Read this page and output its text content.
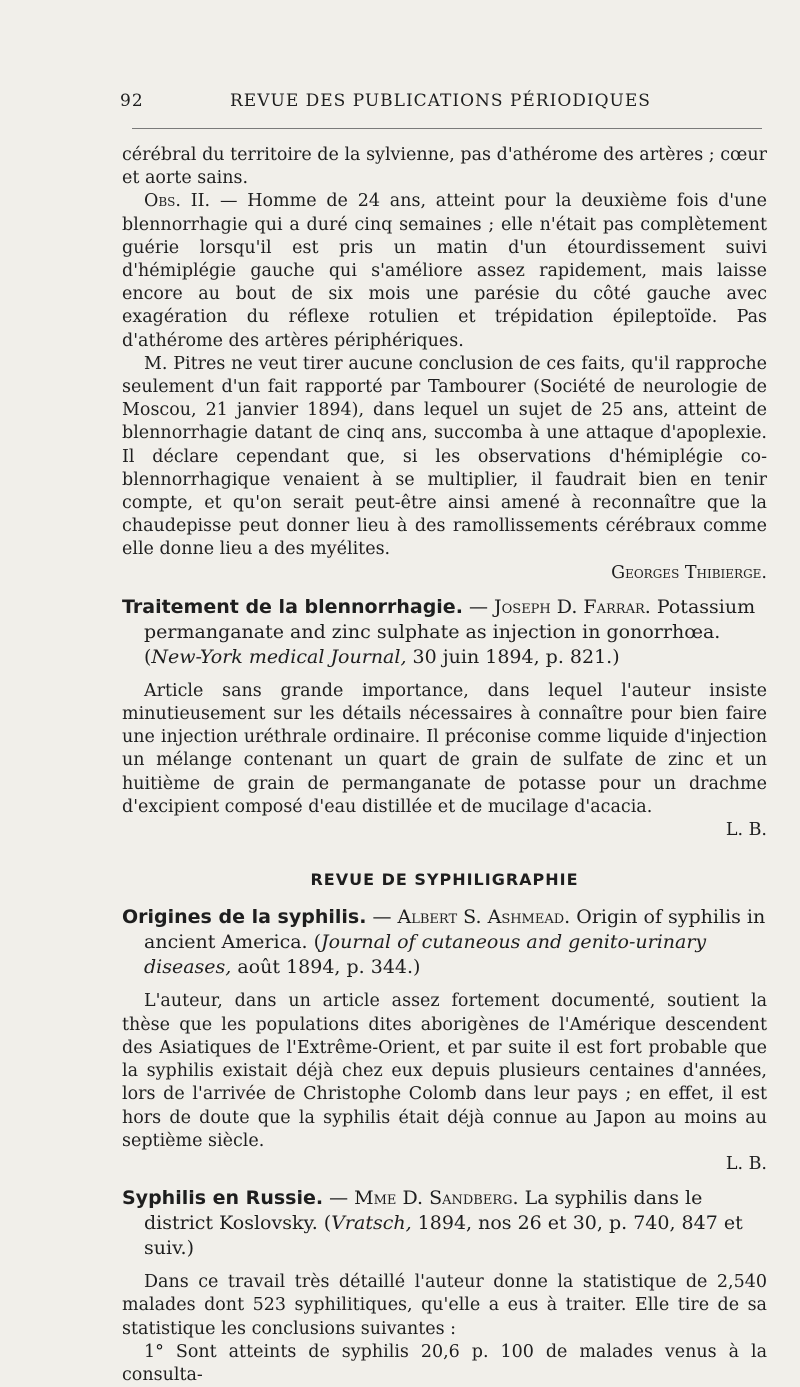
92	REVUE DES PUBLICATIONS PÉRIODIQUES

cérébral du territoire de la sylvienne, pas d'athérome des artères ; cœur et aorte sains.

Obs. II. — Homme de 24 ans, atteint pour la deuxième fois d'une blennorrhagie qui a duré cinq semaines ; elle n'était pas complètement guérie lorsqu'il est pris un matin d'un étourdissement suivi d'hémiplégie gauche qui s'améliore assez rapidement, mais laisse encore au bout de six mois une parésie du côté gauche avec exagération du réflexe rotulien et trépidation épileptoïde. Pas d'athérome des artères périphériques.

M. Pitres ne veut tirer aucune conclusion de ces faits, qu'il rapproche seulement d'un fait rapporté par Tambourer (Société de neurologie de Moscou, 21 janvier 1894), dans lequel un sujet de 25 ans, atteint de blennorrhagie datant de cinq ans, succomba à une attaque d'apoplexie. Il déclare cependant que, si les observations d'hémiplégie co-blennorrhagique venaient à se multiplier, il faudrait bien en tenir compte, et qu'on serait peut-être ainsi amené à reconnaître que la chaudepisse peut donner lieu à des ramollissements cérébraux comme elle donne lieu a des myélites.

Georges Thibierge.

Traitement de la blennorrhagie. — Joseph D. Farrar. Potassium permanganate and zinc sulphate as injection in gonorrhœa. (New-York medical Journal, 30 juin 1894, p. 821.)

Article sans grande importance, dans lequel l'auteur insiste minutieusement sur les détails nécessaires à connaître pour bien faire une injection uréthrale ordinaire. Il préconise comme liquide d'injection un mélange contenant un quart de grain de sulfate de zinc et un huitième de grain de permanganate de potasse pour un drachme d'excipient composé d'eau distillée et de mucilage d'acacia.

L. B.

REVUE DE SYPHILIGRAPHIE

Origines de la syphilis. — Albert S. Ashmead. Origin of syphilis in ancient America. (Journal of cutaneous and genito-urinary diseases, août 1894, p. 344.)

L'auteur, dans un article assez fortement documenté, soutient la thèse que les populations dites aborigènes de l'Amérique descendent des Asiatiques de l'Extrême-Orient, et par suite il est fort probable que la syphilis existait déjà chez eux depuis plusieurs centaines d'années, lors de l'arrivée de Christophe Colomb dans leur pays ; en effet, il est hors de doute que la syphilis était déjà connue au Japon au moins au septième siècle.

L. B.

Syphilis en Russie. — Mme D. Sandberg. La syphilis dans le district Koslovsky. (Vratsch, 1894, nos 26 et 30, p. 740, 847 et suiv.)

Dans ce travail très détaillé l'auteur donne la statistique de 2,540 malades dont 523 syphilitiques, qu'elle a eus à traiter. Elle tire de sa statistique les conclusions suivantes :

1° Sont atteints de syphilis 20,6 p. 100 de malades venus à la consulta-
